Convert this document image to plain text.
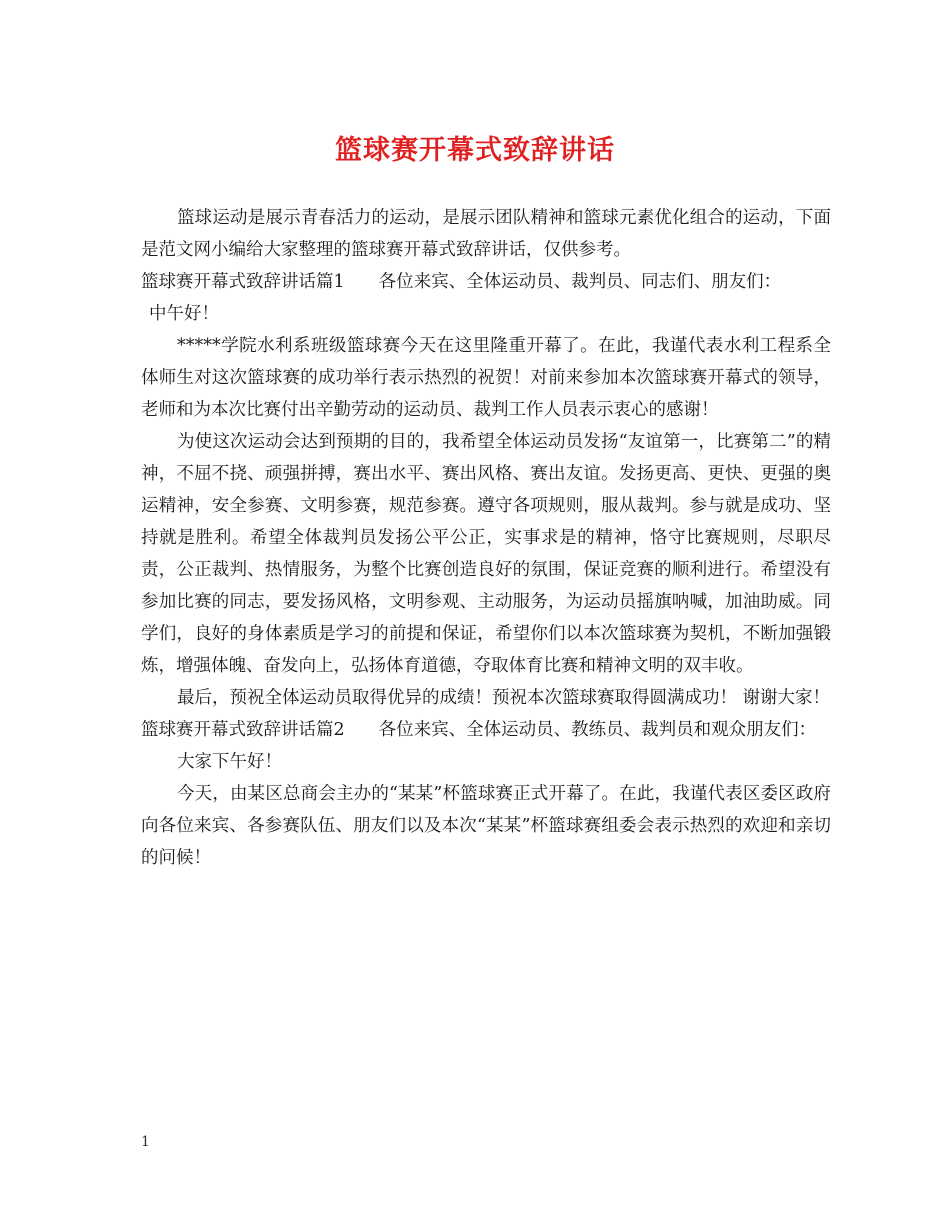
篮球赛开幕式致辞讲话

篮球运动是展示青春活力的运动，是展示团队精神和篮球元素优化组合的运动，下面是范文网小编给大家整理的篮球赛开幕式致辞讲话，仅供参考。

篮球赛开幕式致辞讲话篇1 各位来宾、全体运动员、裁判员、同志们、朋友们：

中午好！

*****学院水利系班级篮球赛今天在这里隆重开幕了。在此，我谨代表水利工程系全体师生对这次篮球赛的成功举行表示热烈的祝贺！对前来参加本次篮球赛开幕式的领导，老师和为本次比赛付出辛勤劳动的运动员、裁判工作人员表示衷心的感谢！

为使这次运动会达到预期的目的，我希望全体运动员发扬“友谊第一，比赛第二”的精神，不屈不挠、顽强拼搏，赛出水平、赛出风格、赛出友谊。发扬更高、更快、更强的奥运精神，安全参赛、文明参赛，规范参赛。遵守各项规则，服从裁判。参与就是成功、坚持就是胜利。希望全体裁判员发扬公平公正，实事求是的精神，恪守比赛规则，尽职尽责，公正裁判、热情服务，为整个比赛创造良好的氛围，保证竞赛的顺利进行。希望没有参加比赛的同志，要发扬风格，文明参观、主动服务，为运动员摇旗呐喊，加油助威。同学们，良好的身体素质是学习的前提和保证，希望你们以本次篮球赛为契机，不断加强锻炼，增强体魄、奋发向上，弘扬体育道德，夺取体育比赛和精神文明的双丰收。

最后，预祝全体运动员取得优异的成绩！预祝本次篮球赛取得圆满成功！ 谢谢大家！

篮球赛开幕式致辞讲话篇2 各位来宾、全体运动员、教练员、裁判员和观众朋友们：

大家下午好！

今天，由某区总商会主办的“某某”杯篮球赛正式开幕了。在此，我谨代表区委区政府向各位来宾、各参赛队伍、朋友们以及本次“某某”杯篮球赛组委会表示热烈的欢迎和亲切的问候！

1
